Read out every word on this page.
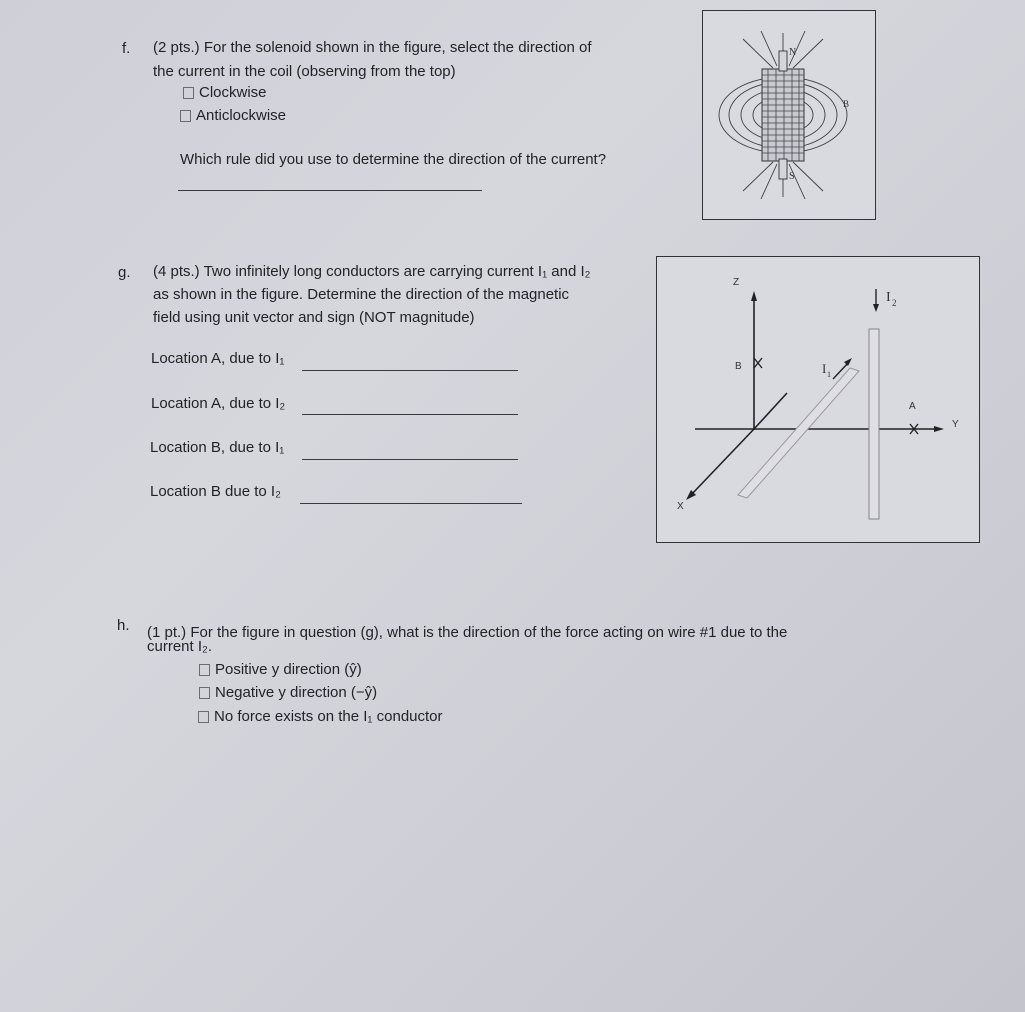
f. (2 pts.) For the solenoid shown in the figure, select the direction of
the current in the coil (observing from the top)
Clockwise
Anticlockwise
Which rule did you use to determine the direction of the current?
N
S
B
g. (4 pts.) Two infinitely long conductors are carrying current I₁ and I₂
as shown in the figure. Determine the direction of the magnetic
field using unit vector and sign (NOT magnitude)
Location A, due to I₁
Location A, due to I₂
Location B, due to I₁
Location B due to I₂
Z
Y
X
B
A
I 2
I 1
h. (1 pt.) For the figure in question (g), what is the direction of the force acting on wire #1 due to the
current I₂.
Positive y direction (ŷ)
Negative y direction (−ŷ)
No force exists on the I₁ conductor
